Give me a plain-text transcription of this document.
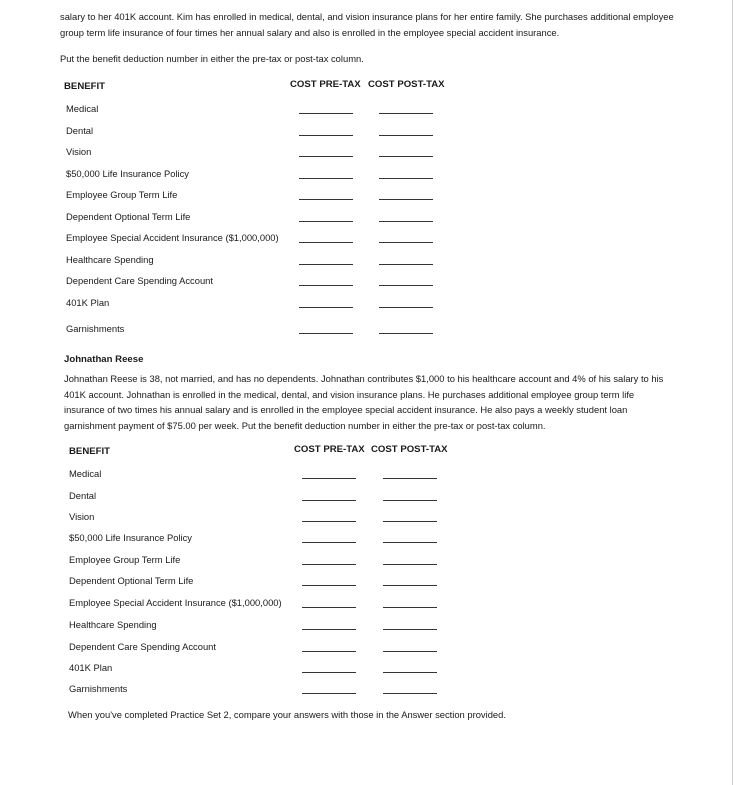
salary to her 401K account. Kim has enrolled in medical, dental, and vision insurance plans for her entire family. She purchases additional employee group term life insurance of four times her annual salary and also is enrolled in the employee special accident insurance.

Put the benefit deduction number in either the pre-tax or post-tax column.

BENEFIT	COST PRE-TAX COST POST-TAX
Medical
Dental
Vision
$50,000 Life Insurance Policy
Employee Group Term Life
Dependent Optional Term Life
Employee Special Accident Insurance ($1,000,000)
Healthcare Spending
Dependent Care Spending Account
401K Plan
Garnishments
Johnathan Reese

Johnathan Reese is 38, not married, and has no dependents. Johnathan contributes $1,000 to his healthcare account and 4% of his salary to his 401K account. Johnathan is enrolled in the medical, dental, and vision insurance plans. He purchases additional employee group term life insurance of two times his annual salary and is enrolled in the employee special accident insurance. He also pays a weekly student loan garnishment payment of $75.00 per week. Put the benefit deduction number in either the pre-tax or post-tax column.

BENEFIT	COST PRE-TAX COST POST-TAX
Medical
Dental
Vision
$50,000 Life Insurance Policy
Employee Group Term Life
Dependent Optional Term Life
Employee Special Accident Insurance ($1,000,000)
Healthcare Spending
Dependent Care Spending Account
401K Plan
Garnishments

When you've completed Practice Set 2, compare your answers with those in the Answer section provided.
